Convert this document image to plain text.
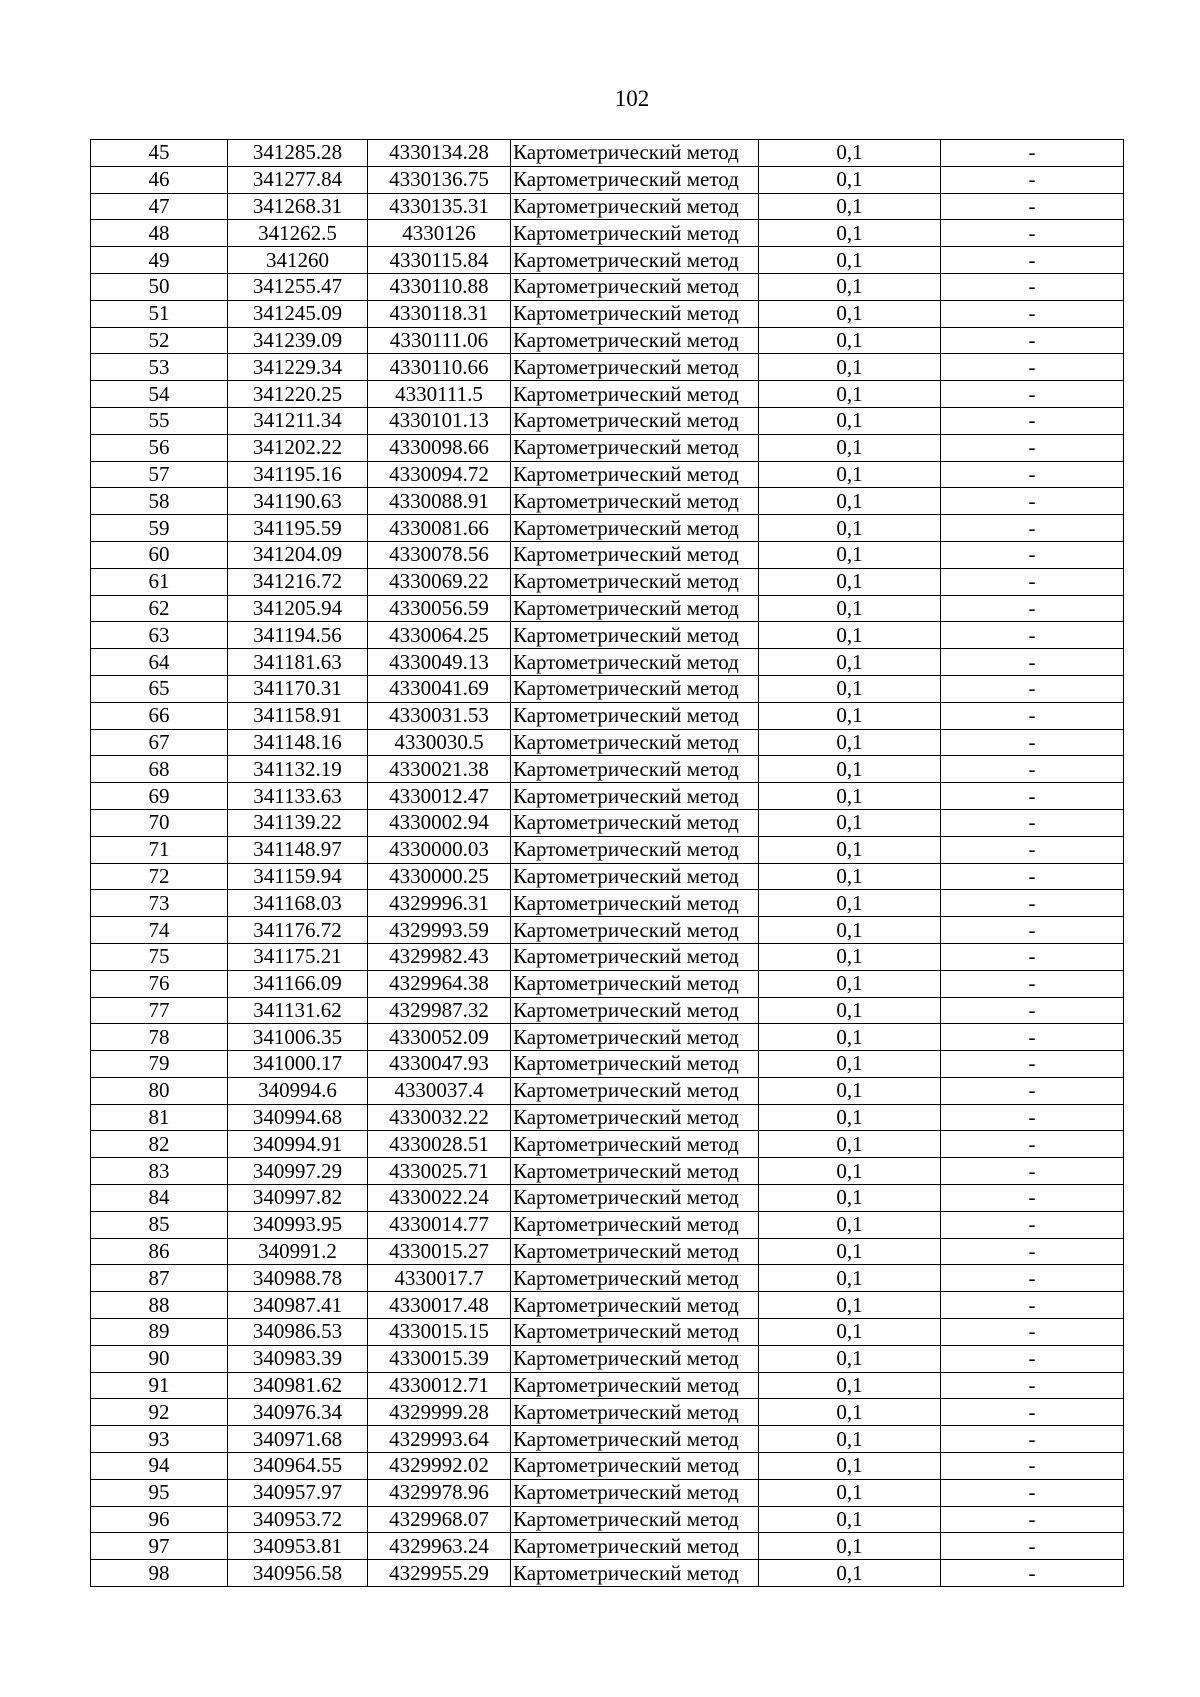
102
45	341285.28	4330134.28	Картометрический метод	0,1	-
46	341277.84	4330136.75	Картометрический метод	0,1	-
47	341268.31	4330135.31	Картометрический метод	0,1	-
48	341262.5	4330126	Картометрический метод	0,1	-
49	341260	4330115.84	Картометрический метод	0,1	-
50	341255.47	4330110.88	Картометрический метод	0,1	-
51	341245.09	4330118.31	Картометрический метод	0,1	-
52	341239.09	4330111.06	Картометрический метод	0,1	-
53	341229.34	4330110.66	Картометрический метод	0,1	-
54	341220.25	4330111.5	Картометрический метод	0,1	-
55	341211.34	4330101.13	Картометрический метод	0,1	-
56	341202.22	4330098.66	Картометрический метод	0,1	-
57	341195.16	4330094.72	Картометрический метод	0,1	-
58	341190.63	4330088.91	Картометрический метод	0,1	-
59	341195.59	4330081.66	Картометрический метод	0,1	-
60	341204.09	4330078.56	Картометрический метод	0,1	-
61	341216.72	4330069.22	Картометрический метод	0,1	-
62	341205.94	4330056.59	Картометрический метод	0,1	-
63	341194.56	4330064.25	Картометрический метод	0,1	-
64	341181.63	4330049.13	Картометрический метод	0,1	-
65	341170.31	4330041.69	Картометрический метод	0,1	-
66	341158.91	4330031.53	Картометрический метод	0,1	-
67	341148.16	4330030.5	Картометрический метод	0,1	-
68	341132.19	4330021.38	Картометрический метод	0,1	-
69	341133.63	4330012.47	Картометрический метод	0,1	-
70	341139.22	4330002.94	Картометрический метод	0,1	-
71	341148.97	4330000.03	Картометрический метод	0,1	-
72	341159.94	4330000.25	Картометрический метод	0,1	-
73	341168.03	4329996.31	Картометрический метод	0,1	-
74	341176.72	4329993.59	Картометрический метод	0,1	-
75	341175.21	4329982.43	Картометрический метод	0,1	-
76	341166.09	4329964.38	Картометрический метод	0,1	-
77	341131.62	4329987.32	Картометрический метод	0,1	-
78	341006.35	4330052.09	Картометрический метод	0,1	-
79	341000.17	4330047.93	Картометрический метод	0,1	-
80	340994.6	4330037.4	Картометрический метод	0,1	-
81	340994.68	4330032.22	Картометрический метод	0,1	-
82	340994.91	4330028.51	Картометрический метод	0,1	-
83	340997.29	4330025.71	Картометрический метод	0,1	-
84	340997.82	4330022.24	Картометрический метод	0,1	-
85	340993.95	4330014.77	Картометрический метод	0,1	-
86	340991.2	4330015.27	Картометрический метод	0,1	-
87	340988.78	4330017.7	Картометрический метод	0,1	-
88	340987.41	4330017.48	Картометрический метод	0,1	-
89	340986.53	4330015.15	Картометрический метод	0,1	-
90	340983.39	4330015.39	Картометрический метод	0,1	-
91	340981.62	4330012.71	Картометрический метод	0,1	-
92	340976.34	4329999.28	Картометрический метод	0,1	-
93	340971.68	4329993.64	Картометрический метод	0,1	-
94	340964.55	4329992.02	Картометрический метод	0,1	-
95	340957.97	4329978.96	Картометрический метод	0,1	-
96	340953.72	4329968.07	Картометрический метод	0,1	-
97	340953.81	4329963.24	Картометрический метод	0,1	-
98	340956.58	4329955.29	Картометрический метод	0,1	-
